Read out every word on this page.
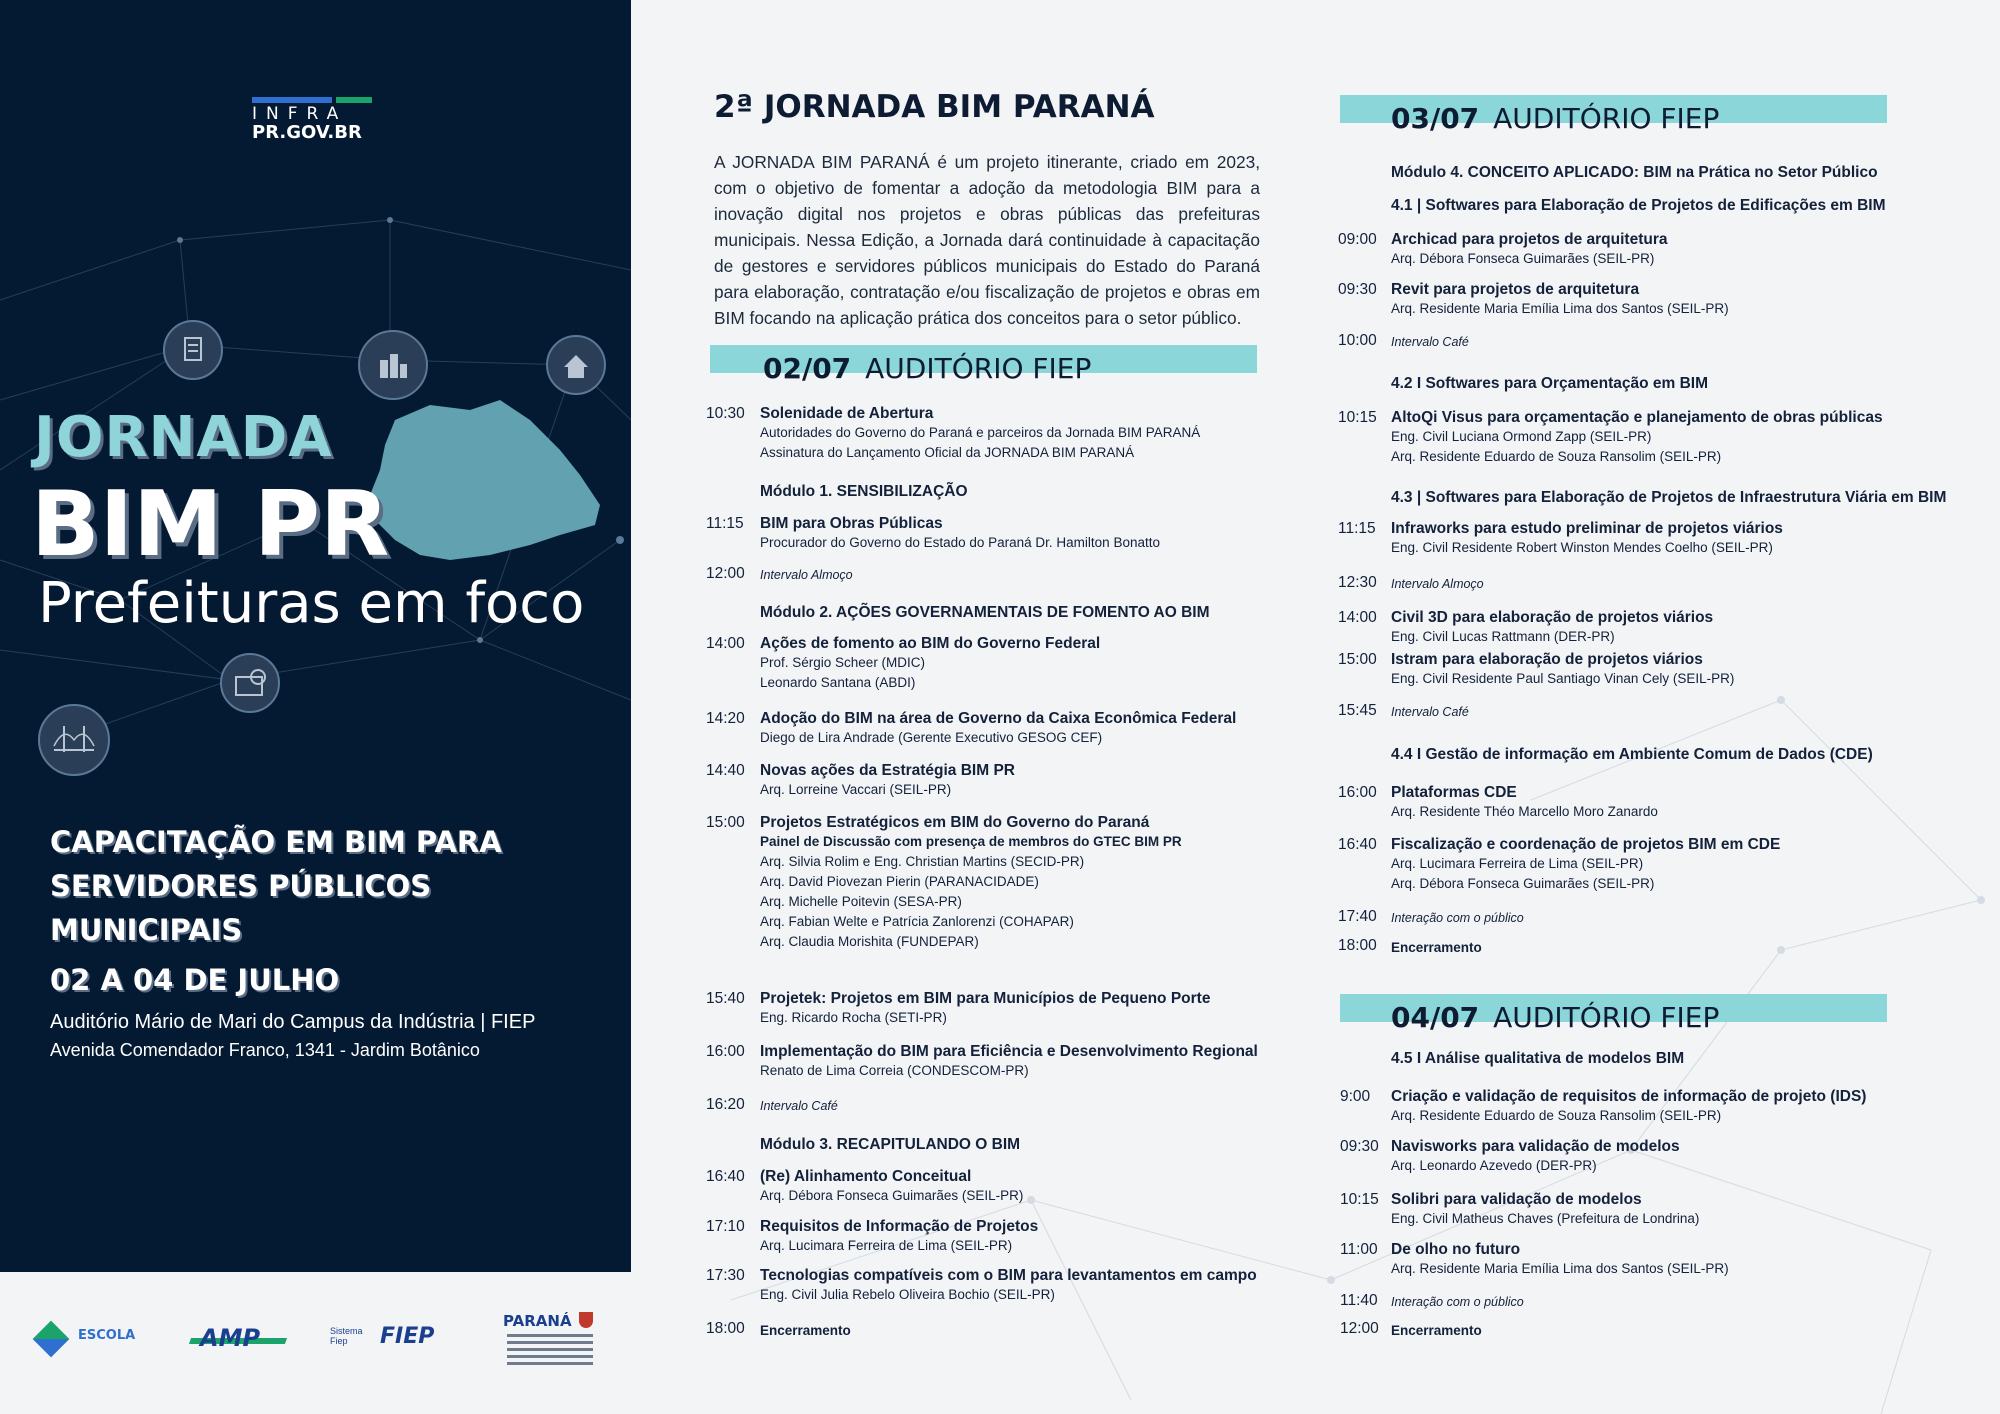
INFRA
PR.GOV.BR
JORNADA
BIM PR
Prefeituras em foco
CAPACITAÇÃO EM BIM PARA
SERVIDORES PÚBLICOS MUNICIPAIS
02 A 04 DE JULHO
Auditório Mário de Mari do Campus da Indústria | FIEP
Avenida Comendador Franco, 1341 - Jardim Botânico
ESCOLA	AMP	Sistema
Fiep	FIEP
PARANÁ
2ª JORNADA BIM PARANÁ
A JORNADA BIM PARANÁ é um projeto itinerante, criado em 2023, com o objetivo de fomentar a adoção da metodologia BIM para a inovação digital nos projetos e obras públicas das prefeituras municipais. Nessa Edição, a Jornada dará continuidade à capacitação de gestores e servidores públicos municipais do Estado do Paraná para elaboração, contratação e/ou fiscalização de projetos e obras em BIM focando na aplicação prática dos conceitos para o setor público.
02/07 AUDITÓRIO FIEP
03/07 AUDITÓRIO FIEP
04/07 AUDITÓRIO FIEP
10:30 Solenidade de Abertura
Autoridades do Governo do Paraná e parceiros da Jornada BIM PARANÁ
Assinatura do Lançamento Oficial da JORNADA BIM PARANÁ
Módulo 1. SENSIBILIZAÇÃO
11:15 BIM para Obras Públicas
Procurador do Governo do Estado do Paraná Dr. Hamilton Bonatto
12:00 Intervalo Almoço
Módulo 2. AÇÕES GOVERNAMENTAIS DE FOMENTO AO BIM
14:00 Ações de fomento ao BIM do Governo Federal
Prof. Sérgio Scheer (MDIC)
Leonardo Santana (ABDI)
14:20 Adoção do BIM na área de Governo da Caixa Econômica Federal
Diego de Lira Andrade (Gerente Executivo GESOG CEF)
14:40 Novas ações da Estratégia BIM PR
Arq. Lorreine Vaccari (SEIL-PR)
15:00 Projetos Estratégicos em BIM do Governo do Paraná
Painel de Discussão com presença de membros do GTEC BIM PR
Arq. Silvia Rolim e Eng. Christian Martins (SECID-PR)
Arq. David Piovezan Pierin (PARANACIDADE)
Arq. Michelle Poitevin (SESA-PR)
Arq. Fabian Welte e Patrícia Zanlorenzi (COHAPAR)
Arq. Claudia Morishita (FUNDEPAR)
15:40 Projetek: Projetos em BIM para Municípios de Pequeno Porte
Eng. Ricardo Rocha (SETI-PR)
16:00 Implementação do BIM para Eficiência e Desenvolvimento Regional
Renato de Lima Correia (CONDESCOM-PR)
16:20 Intervalo Café
Módulo 3. RECAPITULANDO O BIM
16:40 (Re) Alinhamento Conceitual
Arq. Débora Fonseca Guimarães (SEIL-PR)
17:10 Requisitos de Informação de Projetos
Arq. Lucimara Ferreira de Lima (SEIL-PR)
17:30 Tecnologias compatíveis com o BIM para levantamentos em campo
Eng. Civil Julia Rebelo Oliveira Bochio (SEIL-PR)
18:00 Encerramento
Módulo 4. CONCEITO APLICADO: BIM na Prática no Setor Público
4.1 | Softwares para Elaboração de Projetos de Edificações em BIM
09:00 Archicad para projetos de arquitetura
Arq. Débora Fonseca Guimarães (SEIL-PR)
09:30 Revit para projetos de arquitetura
Arq. Residente Maria Emília Lima dos Santos (SEIL-PR)
10:00 Intervalo Café
4.2 I Softwares para Orçamentação em BIM
10:15 AltoQi Visus para orçamentação e planejamento de obras públicas
Eng. Civil Luciana Ormond Zapp (SEIL-PR)
Arq. Residente Eduardo de Souza Ransolim (SEIL-PR)
4.3 | Softwares para Elaboração de Projetos de Infraestrutura Viária em BIM
11:15 Infraworks para estudo preliminar de projetos viários
Eng. Civil Residente Robert Winston Mendes Coelho (SEIL-PR)
12:30 Intervalo Almoço
14:00 Civil 3D para elaboração de projetos viários
Eng. Civil Lucas Rattmann (DER-PR)
15:00 Istram para elaboração de projetos viários
Eng. Civil Residente Paul Santiago Vinan Cely (SEIL-PR)
15:45 Intervalo Café
4.4 I Gestão de informação em Ambiente Comum de Dados (CDE)
16:00 Plataformas CDE
Arq. Residente Théo Marcello Moro Zanardo
16:40 Fiscalização e coordenação de projetos BIM em CDE
Arq. Lucimara Ferreira de Lima (SEIL-PR)
Arq. Débora Fonseca Guimarães (SEIL-PR)
17:40 Interação com o público
18:00 Encerramento
4.5 I Análise qualitativa de modelos BIM
9:00 Criação e validação de requisitos de informação de projeto (IDS)
Arq. Residente Eduardo de Souza Ransolim (SEIL-PR)
09:30 Navisworks para validação de modelos
Arq. Leonardo Azevedo (DER-PR)
10:15 Solibri para validação de modelos
Eng. Civil Matheus Chaves (Prefeitura de Londrina)
11:00 De olho no futuro
Arq. Residente Maria Emília Lima dos Santos (SEIL-PR)
11:40 Interação com o público
12:00 Encerramento
